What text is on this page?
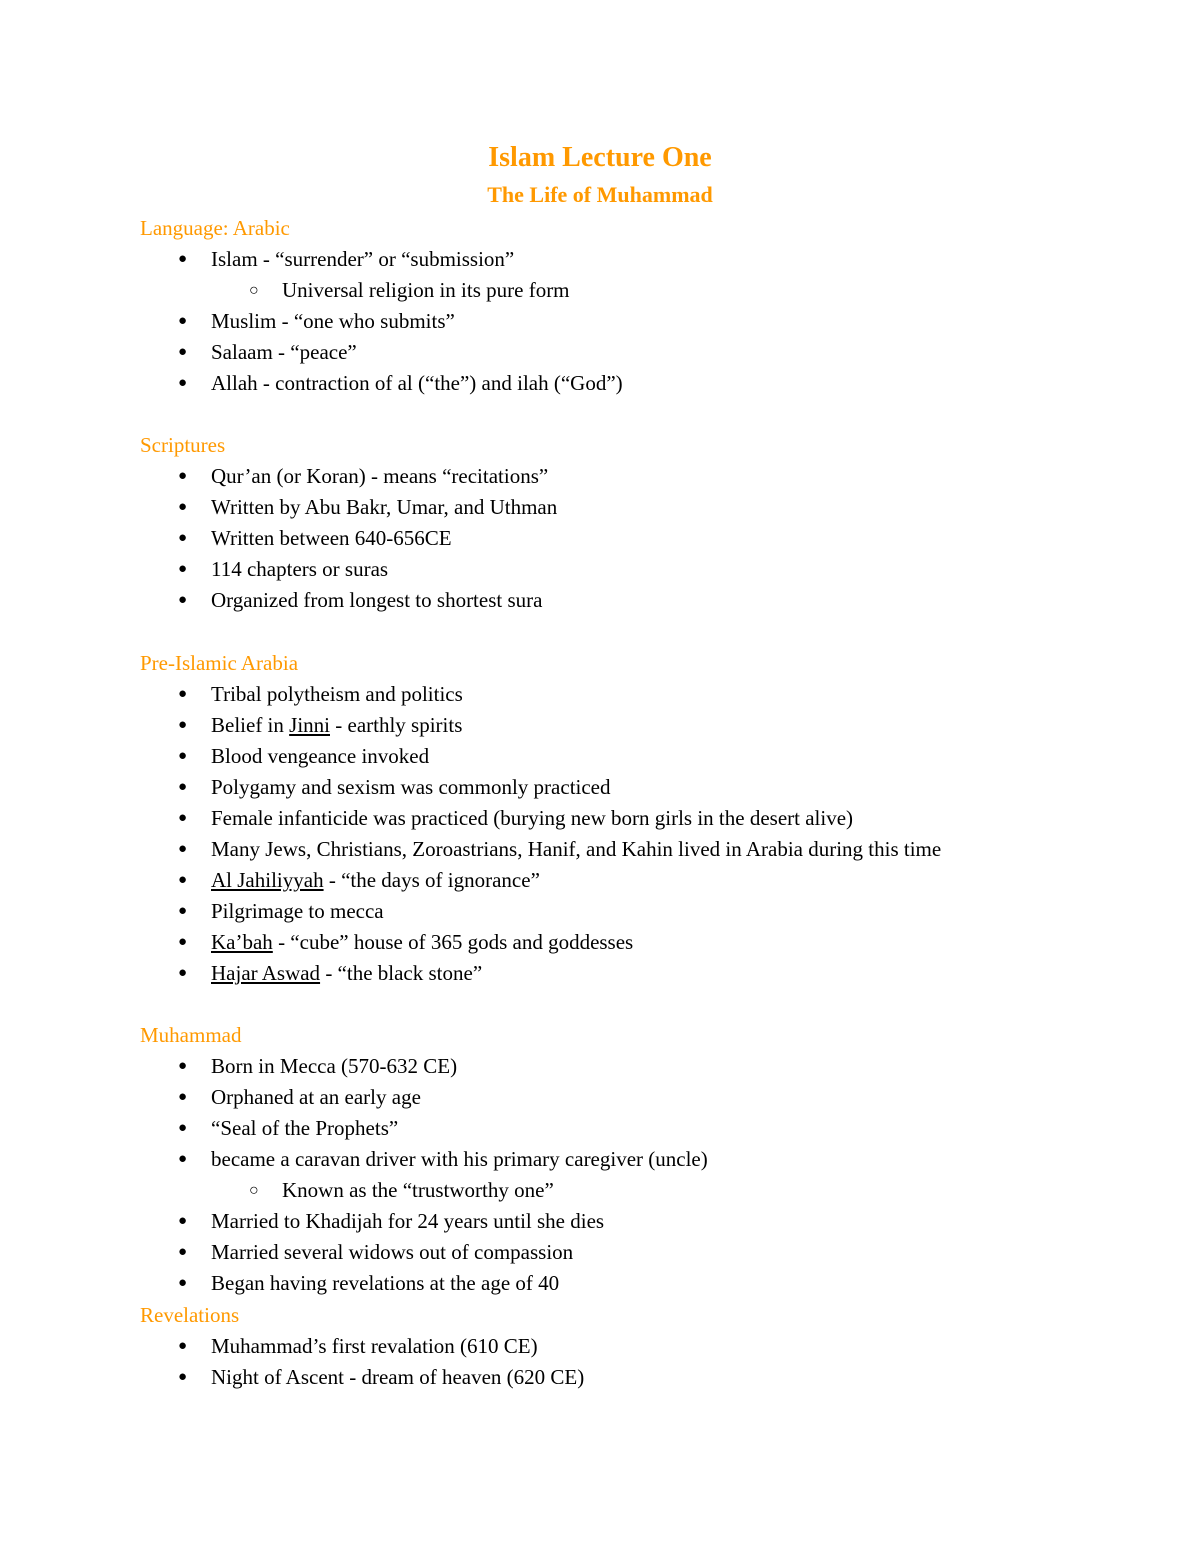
Islam Lecture One
The Life of Muhammad
Language: Arabic
● Islam - “surrender” or “submission”
○ Universal religion in its pure form
● Muslim - “one who submits”
● Salaam - “peace”
● Allah - contraction of al (“the”) and ilah (“God”)
Scriptures
● Qur’an (or Koran) - means “recitations”
● Written by Abu Bakr, Umar, and Uthman
● Written between 640-656CE
● 114 chapters or suras
● Organized from longest to shortest sura
Pre-Islamic Arabia
● Tribal polytheism and politics
● Belief in Jinni - earthly spirits
● Blood vengeance invoked
● Polygamy and sexism was commonly practiced
● Female infanticide was practiced (burying new born girls in the desert alive)
● Many Jews, Christians, Zoroastrians, Hanif, and Kahin lived in Arabia during this time
● Al Jahiliyyah - “the days of ignorance”
● Pilgrimage to mecca
● Ka’bah - “cube” house of 365 gods and goddesses
● Hajar Aswad - “the black stone”
Muhammad
● Born in Mecca (570-632 CE)
● Orphaned at an early age
● “Seal of the Prophets”
● became a caravan driver with his primary caregiver (uncle)
○ Known as the “trustworthy one”
● Married to Khadijah for 24 years until she dies
● Married several widows out of compassion
● Began having revelations at the age of 40
Revelations
● Muhammad’s first revalation (610 CE)
● Night of Ascent - dream of heaven (620 CE)
